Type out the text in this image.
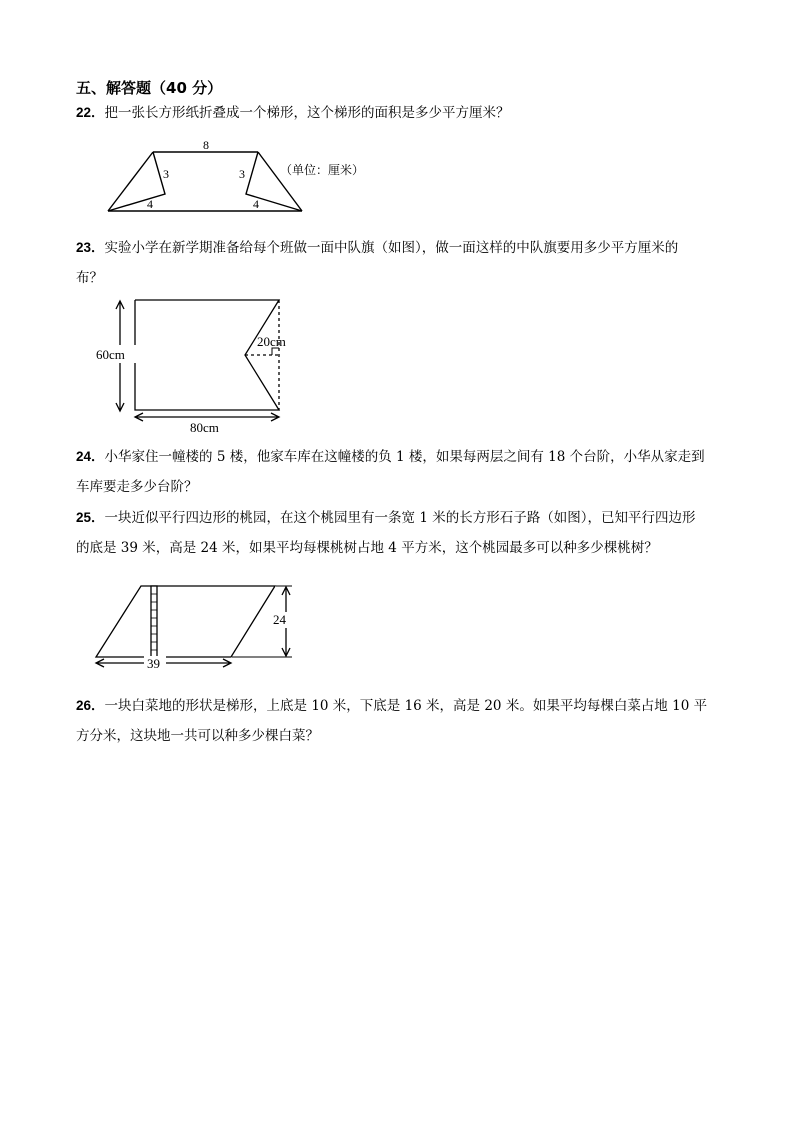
五、解答题（40 分）
22．把一张长方形纸折叠成一个梯形，这个梯形的面积是多少平方厘米？
8
3	3
4	4
（单位：厘米）
60cm
80cm
20cm
24
39
23．实验小学在新学期准备给每个班做一面中队旗（如图），做一面这样的中队旗要用多少平方厘米的
布？
24．小华家住一幢楼的 5 楼，他家车库在这幢楼的负 1 楼，如果每两层之间有 18 个台阶，小华从家走到
车库要走多少台阶？
25．一块近似平行四边形的桃园，在这个桃园里有一条宽 1 米的长方形石子路（如图），已知平行四边形
的底是 39 米，高是 24 米，如果平均每棵桃树占地 4 平方米，这个桃园最多可以种多少棵桃树？
26．一块白菜地的形状是梯形，上底是 10 米，下底是 16 米，高是 20 米。如果平均每棵白菜占地 10 平
方分米，这块地一共可以种多少棵白菜？
